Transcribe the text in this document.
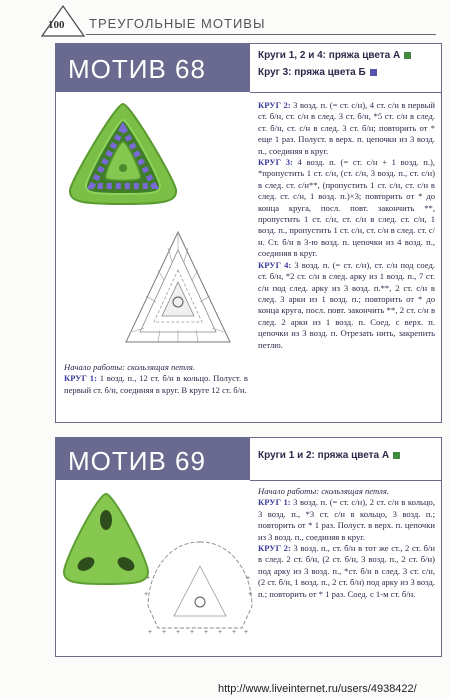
100 ТРЕУГОЛЬНЫЕ МОТИВЫ
МОТИВ 68	Круги 1, 2 и 4: пряжа цвета А
Круг 3: пряжа цвета Б

Начало работы: скользящая петля.

КРУГ 1: 1 возд. п., 12 ст. б/н в кольцо. Полуст. в первый ст. б/н, соединяя в круг. В круге 12 ст. б/н.

КРУГ 2: 3 возд. п. (= ст. с/н), 4 ст. с/н в первый ст. б/н, ст. с/н в след. 3 ст. б/н, *5 ст. с/н в след. ст. б/н, ст. с/н в след. 3 ст. б/н; повторить от * еще 1 раз. Полуст. в верх. п. цепочки из 3 возд. п., соединяя в круг.

КРУГ 3: 4 возд. п. (= ст. с/н + 1 возд. п.), *пропустить 1 ст. с/н, (ст. с/н, 3 возд. п., ст. с/н) в след. ст. с/н**, (пропустить 1 ст. с/н, ст. с/н в след. ст. с/н, 1 возд. п.)×3; повторить от * до конца круга, посл. повт. закончить **, пропустить 1 ст. с/н, ст. с/н в след. ст. с/н, 1 возд. п., пропустить 1 ст. с/н, ст. с/н в след. ст. с/н. Ст. б/н в 3-ю возд. п. цепочки из 4 возд. п., соединяя в круг.

КРУГ 4: 3 возд. п. (= ст. с/н), ст. с/н под соед. ст. б/н, *2 ст. с/н в след. арку из 1 возд. п., 7 ст. с/н под след. арку из 3 возд. п.**, 2 ст. с/н в след. 3 арки из 1 возд. п.; повторить от * до конца круга, посл. повт. закончить **, 2 ст. с/н в след. 2 арки из 1 возд. п. Соед. с верх. п. цепочки из 3 возд. п. Отрезать нить, закрепить петлю.

МОТИВ 69	Круги 1 и 2: пряжа цвета А
+ + + + + + + +
+
+
+
+

Начало работы: скользящая петля.

КРУГ 1: 3 возд. п. (= ст. с/н), 2 ст. с/н в кольцо, 3 возд. п., *3 ст. с/н в кольцо, 3 возд. п.; повторить от * 1 раз. Полуст. в верх. п. цепочки из 3 возд. п., соединяя в круг.

КРУГ 2: 3 возд. п., ст. б/н в тот же ст., 2 ст. б/н в след. 2 ст. б/н, (2 ст. б/н, 3 возд. п., 2 ст. б/н) под арку из 3 возд. п., *ст. б/н в след. 3 ст. с/н, (2 ст. б/н, 1 возд. п., 2 ст. б/н) под арку из 3 возд. п.; повторить от * 1 раз. Соед. с 1-м ст. б/н.

http://www.liveinternet.ru/users/4938422/
